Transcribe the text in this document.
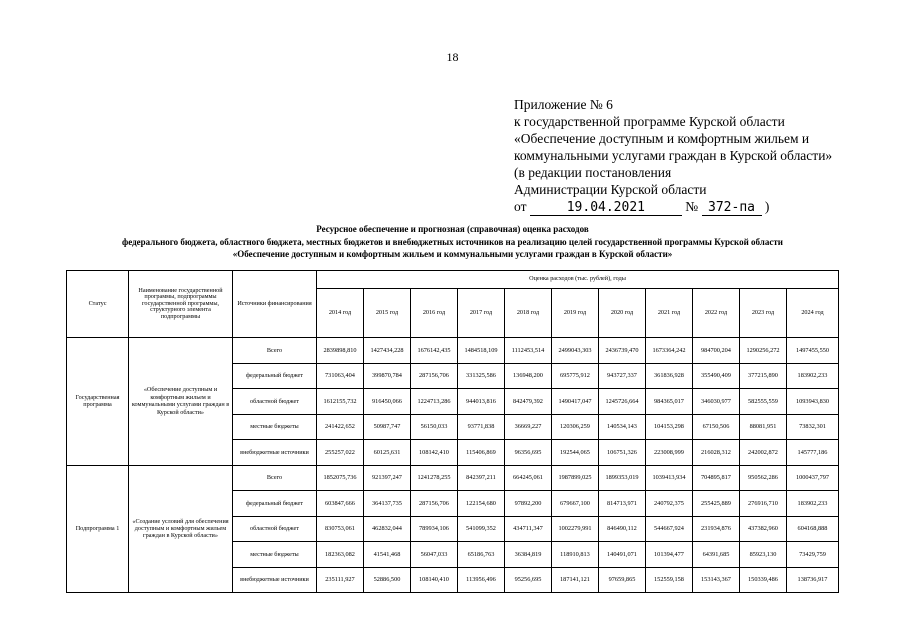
18
Приложение № 6
к государственной программе Курской области
«Обеспечение доступным и комфортным жильем и
коммунальными услугами граждан в Курской области»
(в редакции постановления
Администрации Курской области
от	19.04.2021	№ 372-па )
Ресурсное обеспечение и прогнозная (справочная) оценка расходов
федерального бюджета, областного бюджета, местных бюджетов и внебюджетных источников на реализацию целей государственной программы Курской области
«Обеспечение доступным и комфортным жильем и коммунальными услугами граждан в Курской области»
Статус	Наименование государственной программы, подпрограммы государственной программы, структурного элемента подпрограммы	Источники финансирования	Оценка расходов (тыс. рублей), годы										
			2014 год	2015 год	2016 год	2017 год	2018 год	2019 год	2020 год	2021 год	2022 год	2023 год	2024 год
Государственная программа	«Обеспечение доступным и комфортным жильем и коммунальными услугами граждан в Курской области»	Всего	2839898,810	1427434,228	1676142,435	1484518,109	1112453,514	2499043,303	2436739,470	1673364,242	984700,204	1290256,272	1497455,550
		федеральный бюджет	731063,404	399870,784	287156,706	331325,586	136948,200	695775,912	943727,337	361836,928	355490,409	377215,890	183902,233
		областной бюджет	1612155,732	916450,066	1224713,286	944013,816	842479,392	1490417,047	1245726,664	984365,017	346030,977	582555,559	1093943,830
		местные бюджеты	241422,652	50987,747	56150,033	93771,838	36669,227	120306,259	140534,143	104153,298	67150,506	88081,951	73832,301
		внебюджетные источники	255257,022	60125,631	108142,410	115406,869	96356,695	192544,065	106751,326	223008,999	216028,312	242002,872	145777,186
Подпрограмма 1	«Создание условий для обеспечения доступным и комфортным жильем граждан в Курской области»	Всего	1852075,736	921397,247	1241278,255	842397,211	664245,061	1987899,025	1899353,019	1039413,934	704895,817	950562,286	1000437,797
		федеральный бюджет	603847,666	364137,735	287156,706	122154,680	97892,200	679667,100	814713,971	240792,375	255425,889	276916,710	183902,233
		областной бюджет	830753,061	462832,044	789934,106	541099,352	434711,347	1002279,991	846490,112	544667,924	231934,876	437382,960	604168,888
		местные бюджеты	182363,082	41541,468	56047,033	65186,763	36384,819	118910,813	140491,071	101394,477	64391,685	85923,130	73429,759
		внебюджетные источники	235111,927	52886,500	108140,410	113956,496	95256,695	187141,121	97659,865	152559,158	153143,367	150339,486	138736,917
